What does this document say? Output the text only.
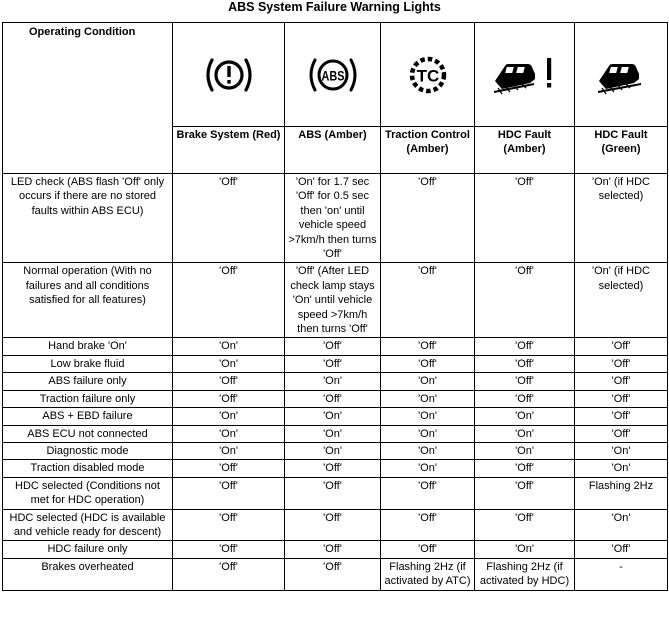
ABS System Failure Warning Lights
Operating Condition		ABS	TC

	Brake System (Red)	ABS (Amber)	Traction Control (Amber)	HDC Fault (Amber)	HDC Fault (Green)
LED check (ABS flash 'Off' only occurs if there are no stored faults within ABS ECU)	'Off'	'On' for 1.7 sec 'Off' for 0.5 sec then 'on' until vehicle speed >7km/h then turns 'Off'	'Off'	'Off'	'On' (if HDC selected)
Normal operation (With no failures and all conditions satisfied for all features)	'Off'	'Off' (After LED check lamp stays 'On' until vehicle speed >7km/h then turns 'Off'	'Off'	'Off'	'On' (if HDC selected)
Hand brake 'On'	'On'	'Off'	'Off'	'Off'	'Off'
Low brake fluid	'On'	'Off'	'Off'	'Off'	'Off'
ABS failure only	'Off'	'On'	'On'	'Off'	'Off'
Traction failure only	'Off'	'Off'	'On'	'Off'	'Off'
ABS + EBD failure	'On'	'On'	'On'	'On'	'Off'
ABS ECU not connected	'On'	'On'	'On'	'On'	'Off'
Diagnostic mode	'On'	'On'	'On'	'On'	'On'
Traction disabled mode	'Off'	'Off'	'On'	'Off'	'On'
HDC selected (Conditions not met for HDC operation)	'Off'	'Off'	'Off'	'Off'	Flashing 2Hz
HDC selected (HDC is available and vehicle ready for descent)	'Off'	'Off'	'Off'	'Off'	'On'
HDC failure only	'Off'	'Off'	'Off'	'On'	'Off'
Brakes overheated	'Off'	'Off'	Flashing 2Hz (if activated by ATC)	Flashing 2Hz (if activated by HDC)	-
